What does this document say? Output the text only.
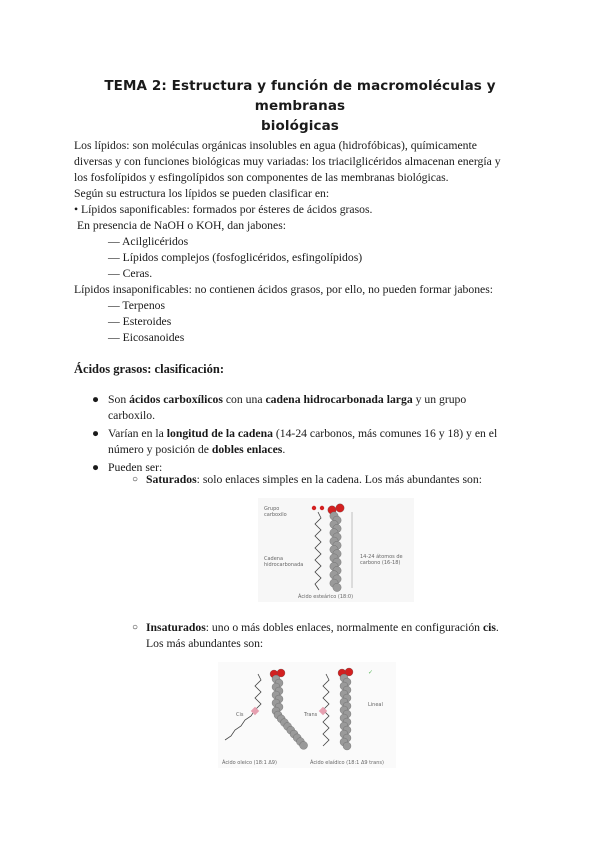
TEMA 2: Estructura y función de macromoléculas y membranas
biológicas

Los lípidos: son moléculas orgánicas insolubles en agua (hidrofóbicas), químicamente

diversas y con funciones biológicas muy variadas: los triacilglicéridos almacenan energía y

los fosfolípidos y esfingolípidos son componentes de las membranas biológicas.

Según su estructura los lípidos se pueden clasificar en:

• Lípidos saponificables: formados por ésteres de ácidos grasos.

En presencia de NaOH o KOH, dan jabones:

— Acilglicéridos

— Lípidos complejos (fosfoglicéridos, esfingolípidos)

— Ceras.

Lípidos insaponificables: no contienen ácidos grasos, por ello, no pueden formar jabones:

— Terpenos

— Esteroides

— Eicosanoides

Ácidos grasos: clasificación:
● Son ácidos carboxílicos con una cadena hidrocarbonada larga y un grupo
carboxilo.
● Varían en la longitud de la cadena (14-24 carbonos, más comunes 16 y 18) y en el
número y posición de dobles enlaces.
● Pueden ser:
○ Saturados: solo enlaces simples en la cadena. Los más abundantes son:
Grupo
carboxilo
Cadena
hidrocarbonada
14-24 átomos de
carbono (16-18)
Ácido esteárico (18:0)
○ Insaturados: uno o más dobles enlaces, normalmente en configuración cis.
Los más abundantes son:
Cis	Trans
Lineal
Ácido oleico (18:1 Δ9)	Ácido elaídico (18:1 Δ9 trans)
✓
